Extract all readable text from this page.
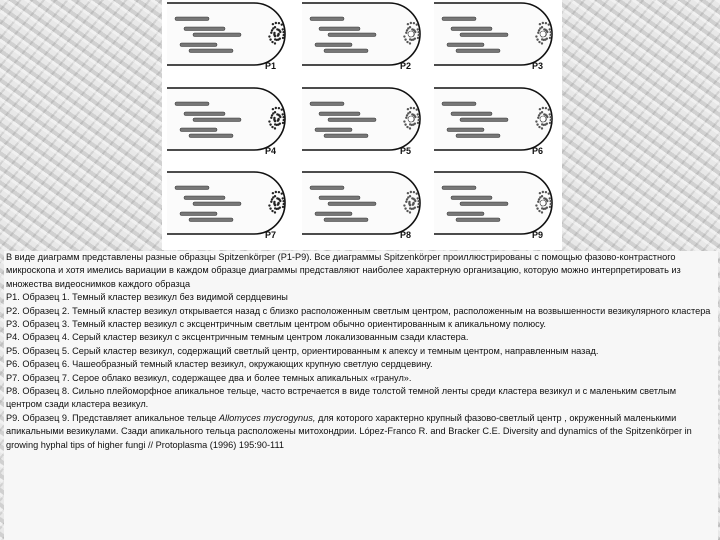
P1	P2	P3
P4	P5	P6
P7	P8	P9

В виде диаграмм представлены разные образцы Spitzenkörper (P1-P9). Все диаграммы Spitzenkörper проиллюстрированы с помощью фазово-контрастного микроскопа и хотя имелись вариации в каждом образце диаграммы представляют наиболее характерную организацию, которую можно интерпретировать из множества видеоснимков каждого образца

P1. Образец 1. Темный кластер везикул без видимой сердцевины

P2. Образец 2. Темный кластер везикул открывается назад с близко расположенным светлым центром, расположенным на возвышенности везикулярного кластера

P3. Образец 3. Темный кластер везикул с эксцентричным светлым центром обычно ориентированным к апикальному полюсу.

P4. Образец 4. Серый кластер везикул с эксцентричным темным центром локализованным сзади кластера.

P5. Образец 5. Серый кластер везикул, содержащий светлый центр, ориентированным к апексу и темным центром, направленным назад.

P6. Образец 6. Чашеобразный темный кластер везикул, окружающих крупную светлую сердцевину.

P7. Образец 7. Серое облако везикул, содержащее два и более темных апикальных «гранул».

P8. Образец 8. Сильно плейоморфное апикальное тельце, часто встречается в виде толстой темной ленты среди кластера везикул и с маленьким светлым центром сзади кластера везикул.

P9. Образец 9. Представляет апикальное тельце Allomyces mycrogynus, для которого характерно крупный фазово-светлый центр , окруженный маленькими апикальными везикулами. Сзади апикального тельца расположены митохондрии. López-Franco R. and Bracker C.E. Diversity and dynamics of the Spitzenkörper in growing hyphal tips of higher fungi // Protoplasma (1996) 195:90-111
